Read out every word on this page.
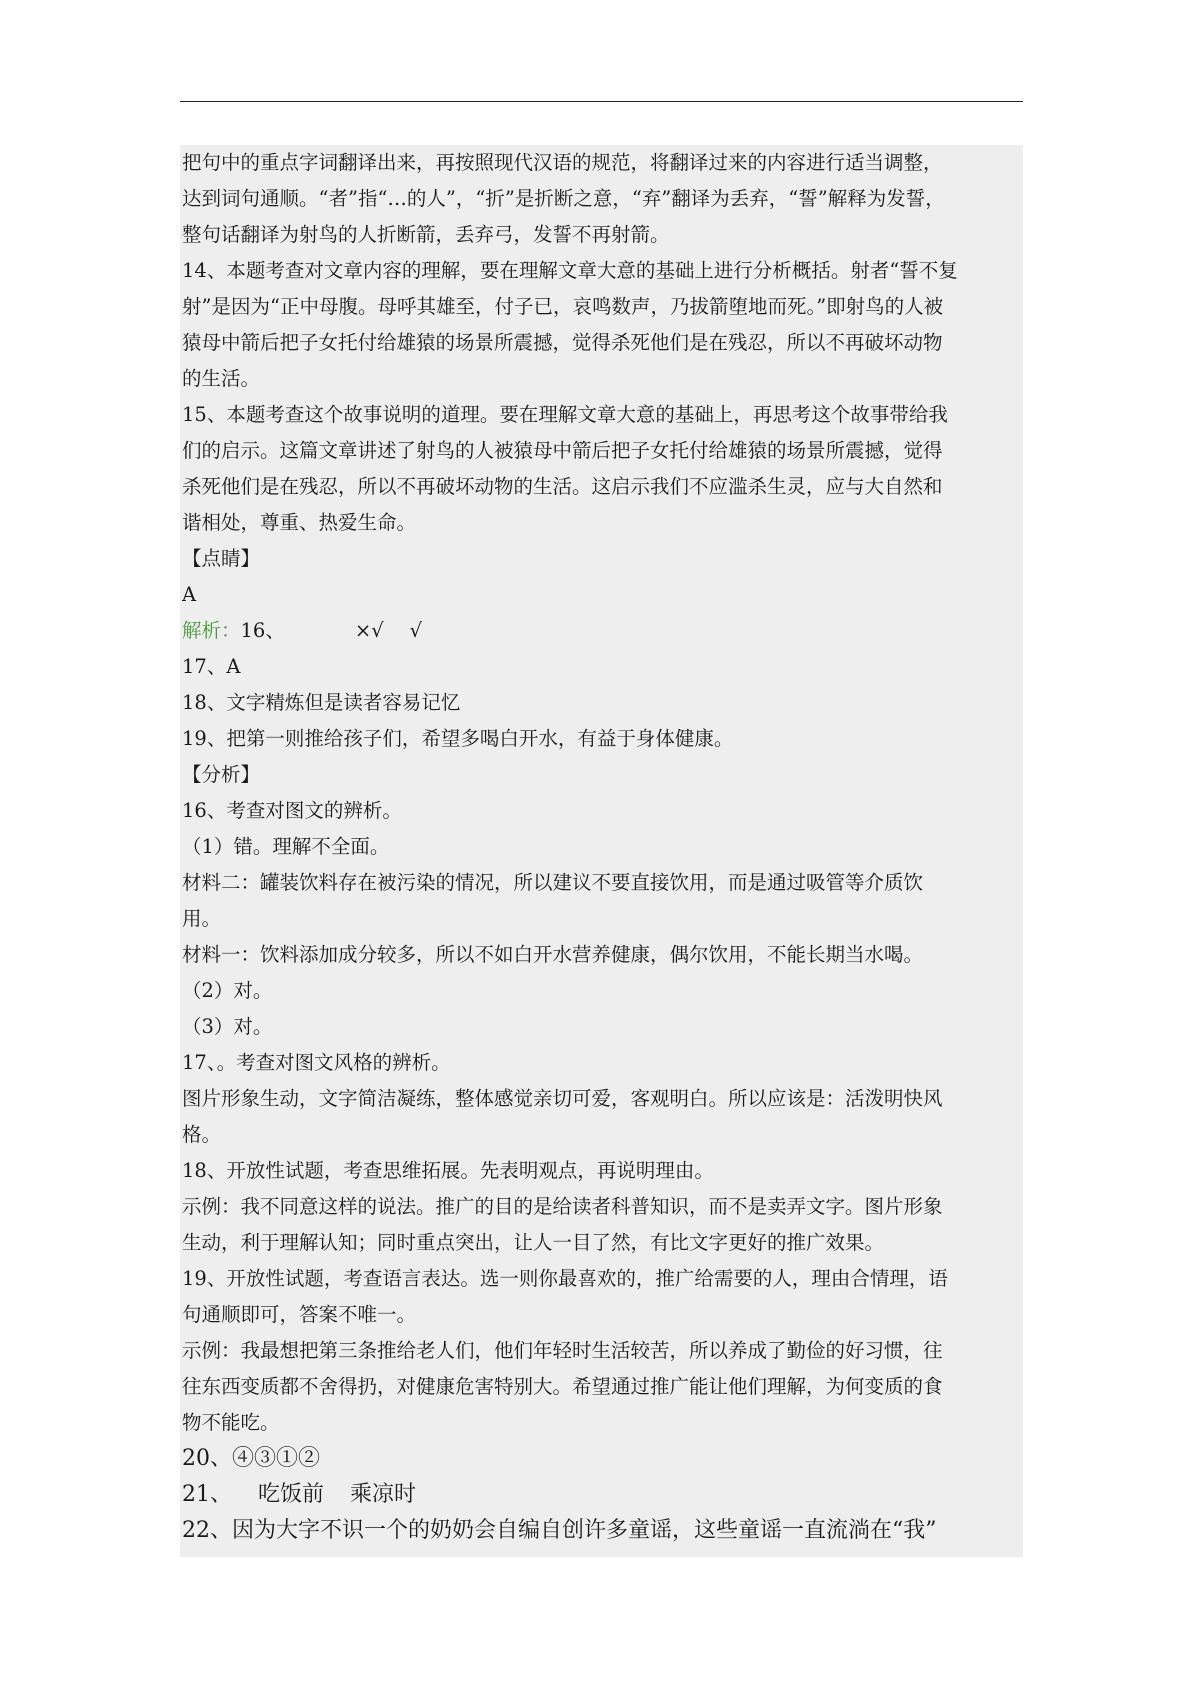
把句中的重点字词翻译出来，再按照现代汉语的规范，将翻译过来的内容进行适当调整，
达到词句通顺。“者”指“…的人”，“折”是折断之意，“弃”翻译为丢弃，“誓”解释为发誓，
整句话翻译为射鸟的人折断箭，丢弃弓，发誓不再射箭。
14、本题考查对文章内容的理解，要在理解文章大意的基础上进行分析概括。射者“誓不复
射”是因为“正中母腹。母呼其雄至，付子已，哀鸣数声，乃拔箭堕地而死。”即射鸟的人被
猿母中箭后把子女托付给雄猿的场景所震撼，觉得杀死他们是在残忍，所以不再破坏动物
的生活。
15、本题考查这个故事说明的道理。要在理解文章大意的基础上，再思考这个故事带给我
们的启示。这篇文章讲述了射鸟的人被猿母中箭后把子女托付给雄猿的场景所震撼，觉得
杀死他们是在残忍，所以不再破坏动物的生活。这启示我们不应滥杀生灵，应与大自然和
谐相处，尊重、热爱生命。
【点睛】
A
解析：16、	×√ √
17、A
18、文字精炼但是读者容易记忆
19、把第一则推给孩子们，希望多喝白开水，有益于身体健康。
【分析】
16、考查对图文的辨析。
（1）错。理解不全面。
材料二：罐装饮料存在被污染的情况，所以建议不要直接饮用，而是通过吸管等介质饮
用。
材料一：饮料添加成分较多，所以不如白开水营养健康，偶尔饮用，不能长期当水喝。
（2）对。
（3）对。
17、。考查对图文风格的辨析。
图片形象生动，文字简洁凝练，整体感觉亲切可爱，客观明白。所以应该是：活泼明快风
格。
18、开放性试题，考查思维拓展。先表明观点，再说明理由。
示例：我不同意这样的说法。推广的目的是给读者科普知识，而不是卖弄文字。图片形象
生动，利于理解认知；同时重点突出，让人一目了然，有比文字更好的推广效果。
19、开放性试题，考查语言表达。选一则你最喜欢的，推广给需要的人，理由合情理，语
句通顺即可，答案不唯一。
示例：我最想把第三条推给老人们，他们年轻时生活较苦，所以养成了勤俭的好习惯，往
往东西变质都不舍得扔，对健康危害特别大。希望通过推广能让他们理解，为何变质的食
物不能吃。
20、④③①②
21、 吃饭前 乘凉时
22、因为大字不识一个的奶奶会自编自创许多童谣，这些童谣一直流淌在“我”
